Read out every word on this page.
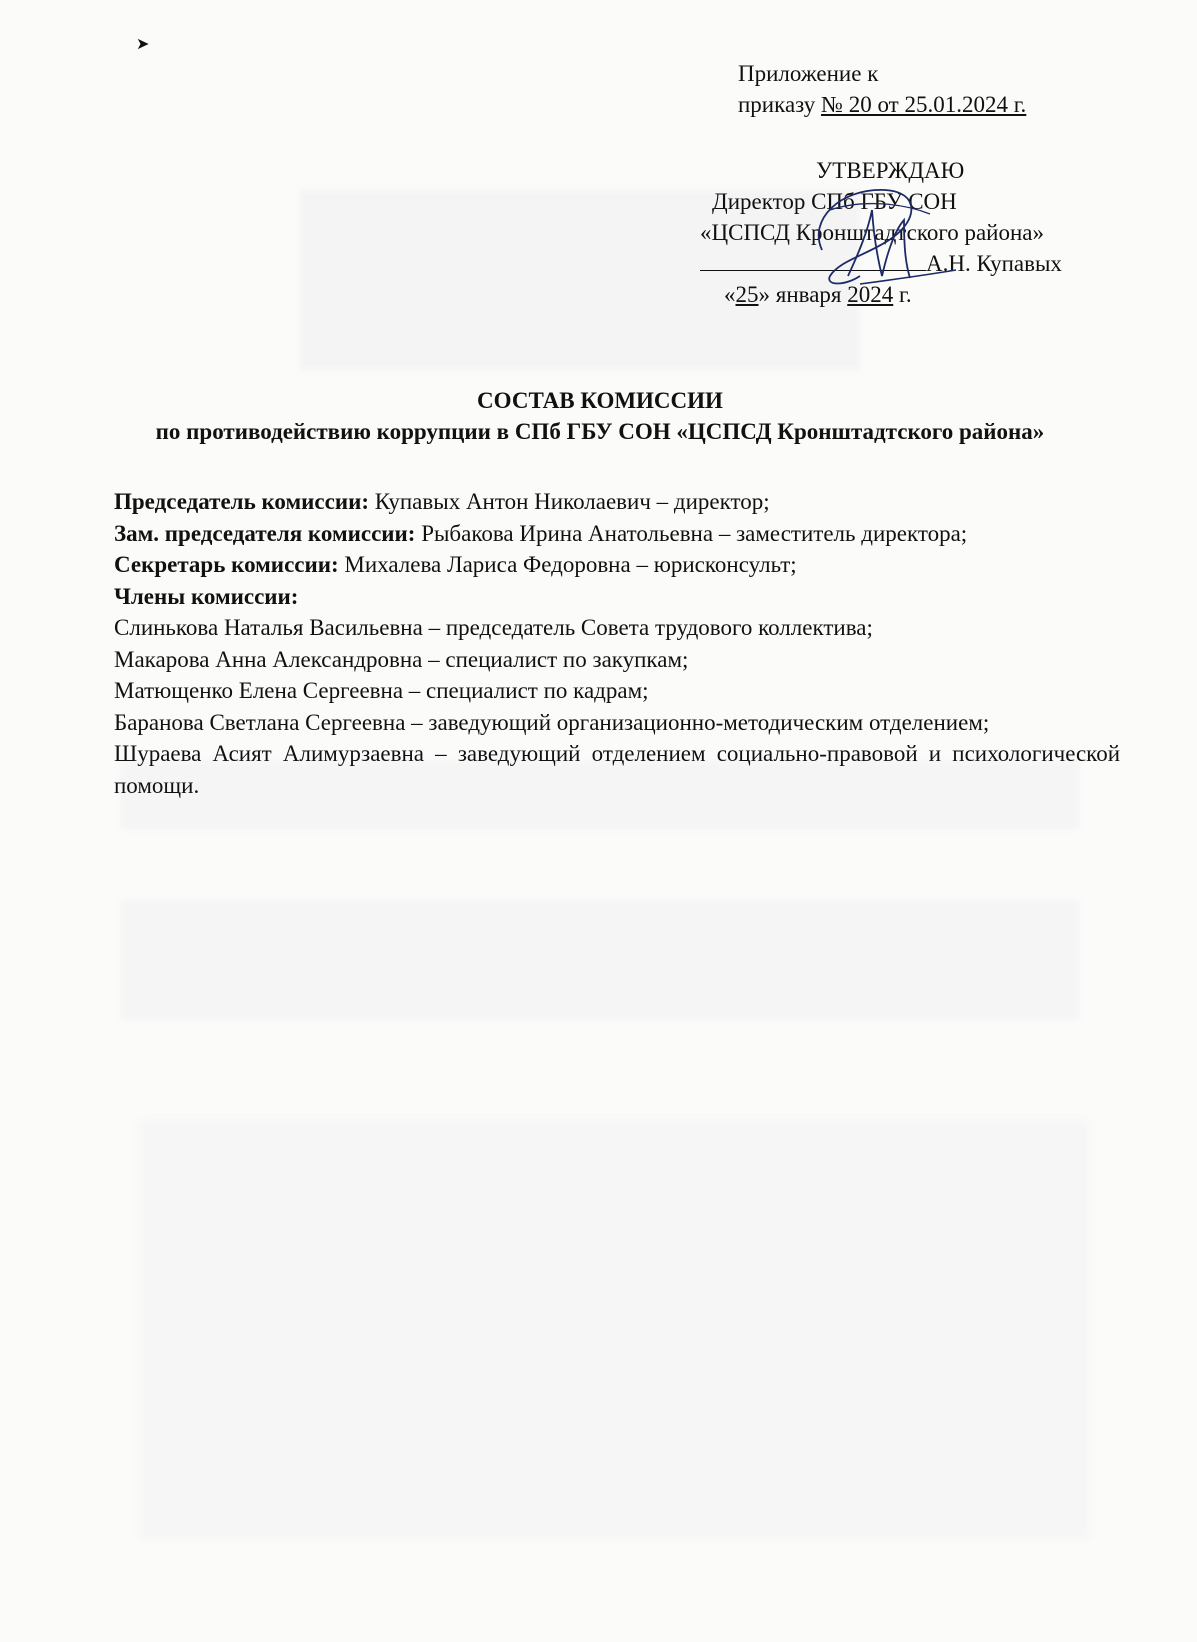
➤
Приложение к
приказу № 20 от 25.01.2024 г.
УТВЕРЖДАЮ
Директор СПб ГБУ СОН
«ЦСПСД Кронштадтского района»
А.Н. Купавых
«25» января 2024 г.
СОСТАВ КОМИССИИ
по противодействию коррупции в СПб ГБУ СОН «ЦСПСД Кронштадтского района»

Председатель комиссии: Купавых Антон Николаевич – директор;

Зам. председателя комиссии: Рыбакова Ирина Анатольевна – заместитель директора;

Секретарь комиссии: Михалева Лариса Федоровна – юрисконсульт;

Члены комиссии:

Слинькова Наталья Васильевна – председатель Совета трудового коллектива;

Макарова Анна Александровна – специалист по закупкам;

Матющенко Елена Сергеевна – специалист по кадрам;

Баранова Светлана Сергеевна – заведующий организационно-методическим отделением;

Шураева Асият Алимурзаевна – заведующий отделением социально-правовой и психологической помощи.
